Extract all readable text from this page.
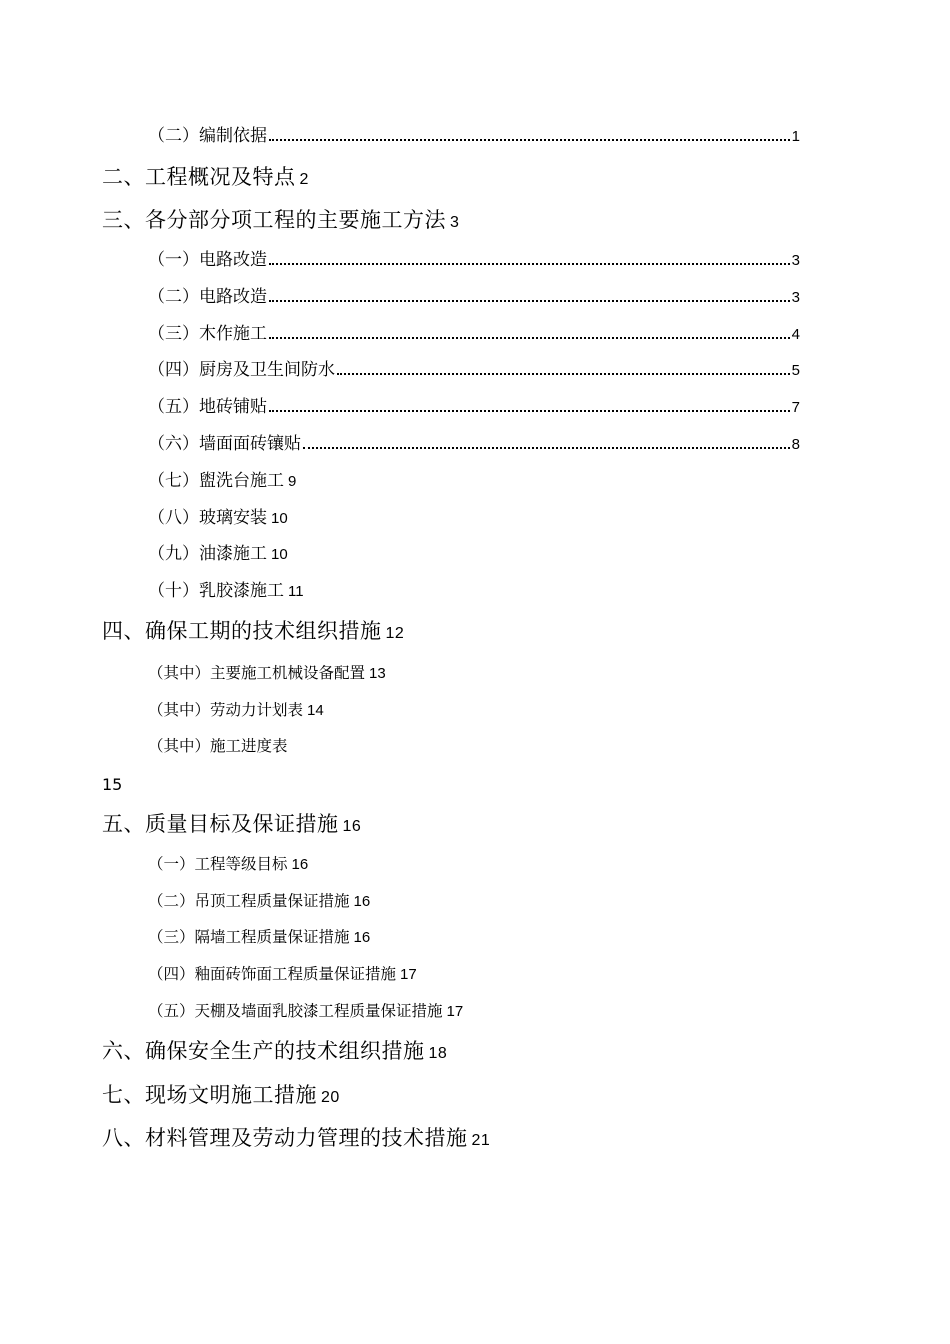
（二）编制依据	1
二、工程概况及特点 2
三、各分部分项工程的主要施工方法 3
（一）电路改造	3
（二）电路改造	3
（三）木作施工	4
（四）厨房及卫生间防水	5
（五）地砖铺贴	7
（六）墙面面砖镶贴	8
（七）盥洗台施工 9
（八）玻璃安装 10
（九）油漆施工 10
（十）乳胶漆施工 11
四、确保工期的技术组织措施 12
（其中）主要施工机械设备配置 13
（其中）劳动力计划表 14
（其中）施工进度表
15
五、质量目标及保证措施 16
（一）工程等级目标 16
（二）吊顶工程质量保证措施 16
（三）隔墙工程质量保证措施 16
（四）釉面砖饰面工程质量保证措施 17
（五）天棚及墙面乳胶漆工程质量保证措施 17
六、确保安全生产的技术组织措施 18
七、现场文明施工措施 20
八、材料管理及劳动力管理的技术措施 21
